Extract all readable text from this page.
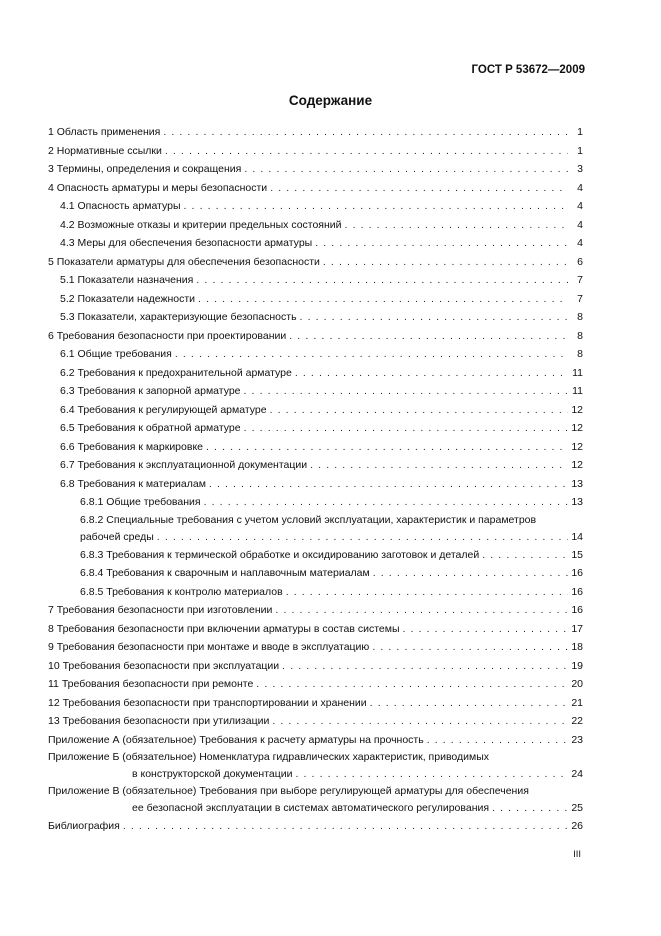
ГОСТ Р 53672—2009
Содержание
1 Область применения . . .	1
2 Нормативные ссылки . . .	1
3 Термины, определения и сокращения . . .	3
4 Опасность арматуры и меры безопасности . . .	4
4.1 Опасность арматуры . . .	4
4.2 Возможные отказы и критерии предельных состояний . . .	4
4.3 Меры для обеспечения безопасности арматуры . . .	4
5 Показатели арматуры для обеспечения безопасности . . .	6
5.1 Показатели назначения . . .	7
5.2 Показатели надежности . . .	7
5.3 Показатели, характеризующие безопасность . . .	8
6 Требования безопасности при проектировании . . .	8
6.1 Общие требования . . .	8
6.2 Требования к предохранительной арматуре . . .	11
6.3 Требования к запорной арматуре . . .	11
6.4 Требования к регулирующей арматуре . . .	12
6.5 Требования к обратной арматуре . . .	12
6.6 Требования к маркировке . . .	12
6.7 Требования к эксплуатационной документации . . .	12
6.8 Требования к материалам . . .	13
6.8.1 Общие требования . . .	13
6.8.2 Специальные требования с учетом условий эксплуатации, характеристик и параметров
рабочей среды . . .	14
6.8.3 Требования к термической обработке и оксидированию заготовок и деталей . . .	15
6.8.4 Требования к сварочным и наплавочным материалам . . .	16
6.8.5 Требования к контролю материалов . . .	16
7 Требования безопасности при изготовлении . . .	16
8 Требования безопасности при включении арматуры в состав системы . . .	17
9 Требования безопасности при монтаже и вводе в эксплуатацию . . .	18
10 Требования безопасности при эксплуатации . . .	19
11 Требования безопасности при ремонте . . .	20
12 Требования безопасности при транспортировании и хранении . . .	21
13 Требования безопасности при утилизации . . .	22
Приложение А (обязательное) Требования к расчету арматуры на прочность . . .	23
Приложение Б (обязательное) Номенклатура гидравлических характеристик, приводимых
в конструкторской документации . . .	24
Приложение В (обязательное) Требования при выборе регулирующей арматуры для обеспечения
ее безопасной эксплуатации в системах автоматического регулирования . . .	25
Библиография . . .	26
III
